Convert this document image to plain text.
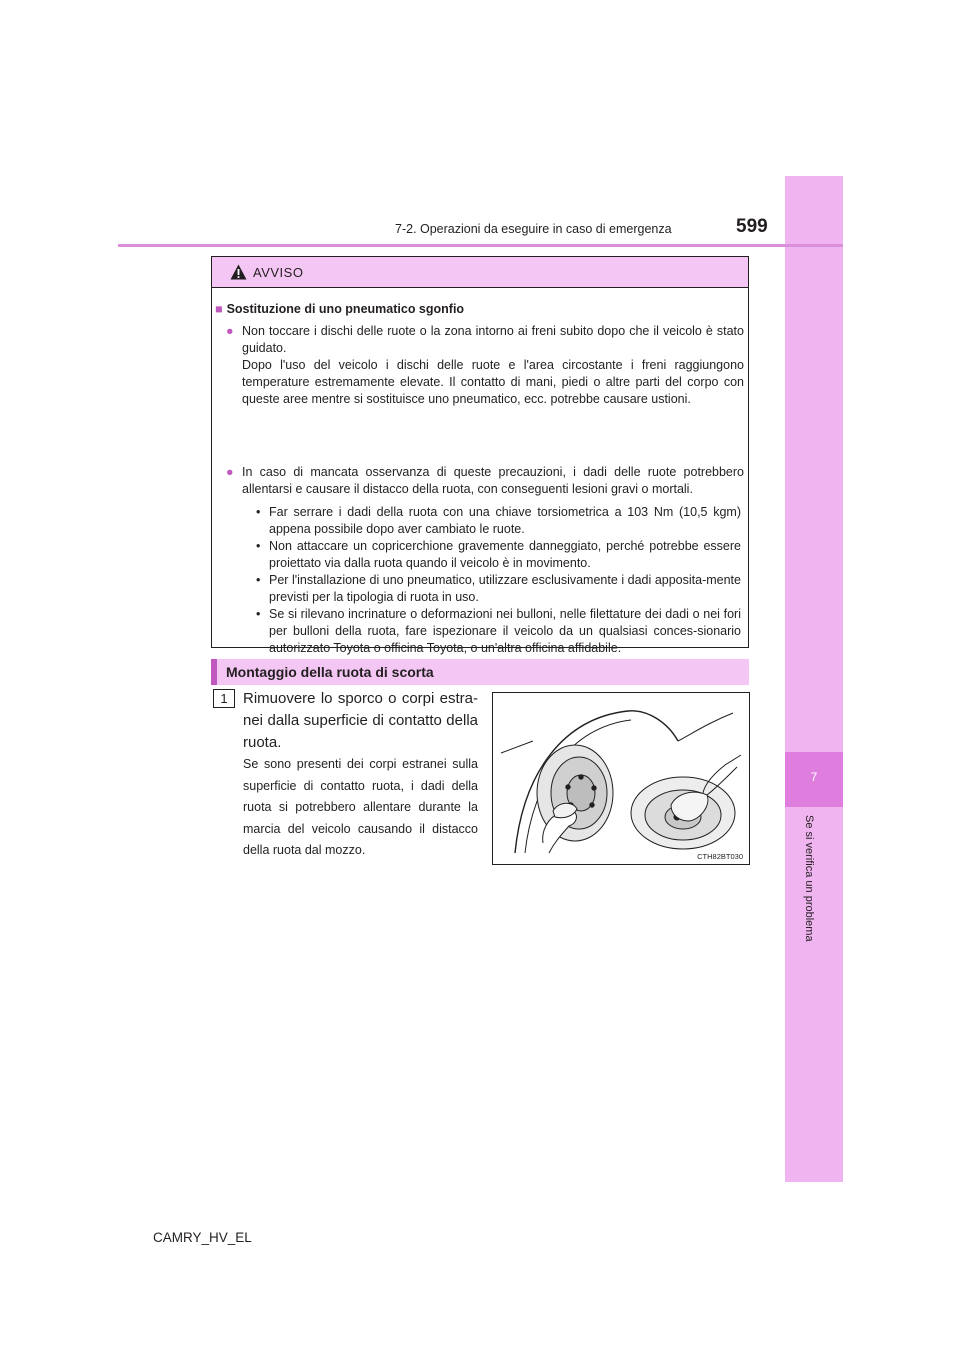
7
Se si verifica un problema
7-2. Operazioni da eseguire in caso di emergenza	599
AVVISO
■ Sostituzione di uno pneumatico sgonfio
● Non toccare i dischi delle ruote o la zona intorno ai freni subito dopo che il veicolo è stato guidato.
Dopo l'uso del veicolo i dischi delle ruote e l'area circostante i freni raggiungono temperature estremamente elevate. Il contatto di mani, piedi o altre parti del corpo con queste aree mentre si sostituisce uno pneumatico, ecc. potrebbe causare ustioni.
● In caso di mancata osservanza di queste precauzioni, i dadi delle ruote potrebbero allentarsi e causare il distacco della ruota, con conseguenti lesioni gravi o mortali.
• Far serrare i dadi della ruota con una chiave torsiometrica a 103 Nm (10,5 kgm) appena possibile dopo aver cambiato le ruote.
• Non attaccare un copricerchione gravemente danneggiato, perché potrebbe essere proiettato via dalla ruota quando il veicolo è in movimento.
• Per l'installazione di uno pneumatico, utilizzare esclusivamente i dadi apposita-mente previsti per la tipologia di ruota in uso.
• Se si rilevano incrinature o deformazioni nei bulloni, nelle filettature dei dadi o nei fori per bulloni della ruota, fare ispezionare il veicolo da un qualsiasi conces-sionario autorizzato Toyota o officina Toyota, o un'altra officina affidabile.
Montaggio della ruota di scorta
1	Rimuovere lo sporco o corpi estra-nei dalla superficie di contatto della ruota.
Se sono presenti dei corpi estranei sulla superficie di contatto ruota, i dadi della ruota si potrebbero allentare durante la marcia del veicolo causando il distacco della ruota dal mozzo.	CTH82BT030
CAMRY_HV_EL
